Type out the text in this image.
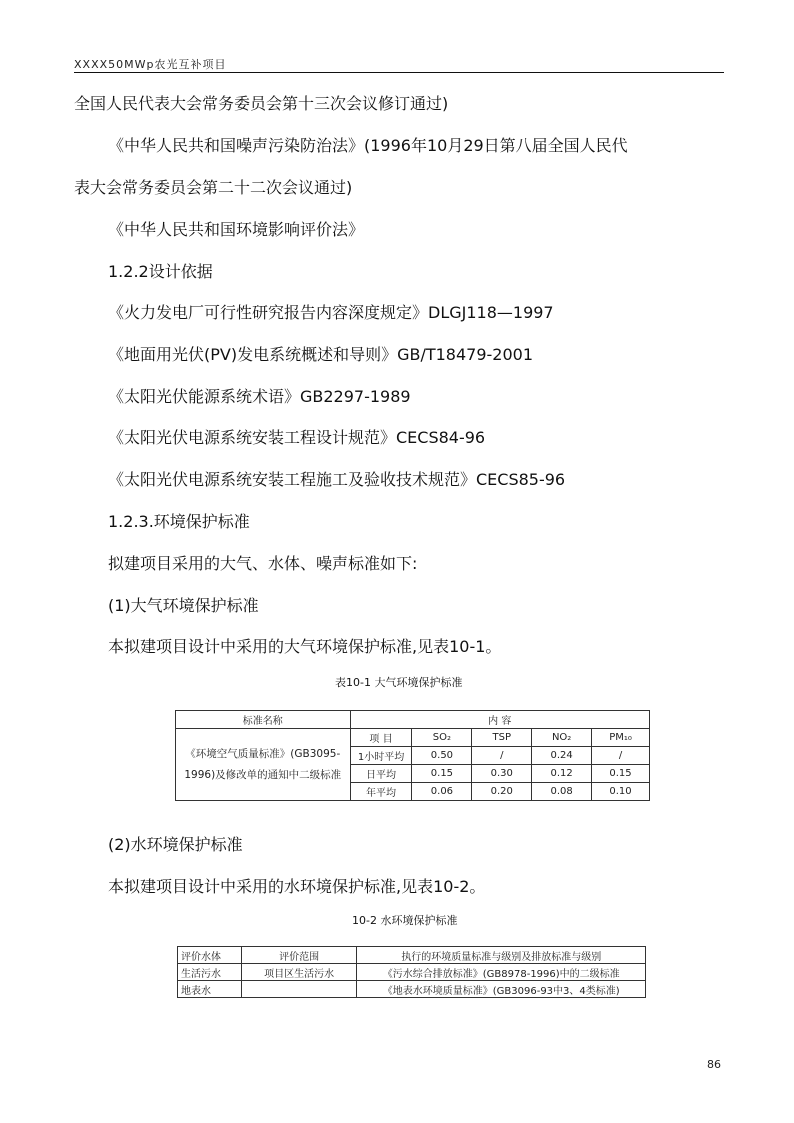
XXXX50MWp农光互补项目
全国人民代表大会常务委员会第十三次会议修订通过)
《中华人民共和国噪声污染防治法》(1996年10月29日第八届全国人民代
表大会常务委员会第二十二次会议通过)
《中华人民共和国环境影响评价法》
1.2.2设计依据
《火力发电厂可行性研究报告内容深度规定》DLGJ118—1997
《地面用光伏(PV)发电系统概述和导则》GB/T18479-2001
《太阳光伏能源系统术语》GB2297-1989
《太阳光伏电源系统安装工程设计规范》CECS84-96
《太阳光伏电源系统安装工程施工及验收技术规范》CECS85-96
1.2.3.环境保护标准
拟建项目采用的大气、水体、噪声标准如下:
(1)大气环境保护标准
本拟建项目设计中采用的大气环境保护标准,见表10-1。
表10-1 大气环境保护标准
标准名称	内 容				
《环境空气质量标准》(GB3095-1996)及修改单的通知中二级标准	项 目	SO₂	TSP	NO₂	PM₁₀
	1小时平均	0.50	/	0.24	/
	日平均	0.15	0.30	0.12	0.15
	年平均	0.06	0.20	0.08	0.10
(2)水环境保护标准
本拟建项目设计中采用的水环境保护标准,见表10-2。
10-2 水环境保护标准
评价水体	评价范围	执行的环境质量标准与级别及排放标准与级别
生活污水	项目区生活污水	《污水综合排放标准》(GB8978-1996)中的二级标准
地表水		《地表水环境质量标准》(GB3096-93中3、4类标准)
86
